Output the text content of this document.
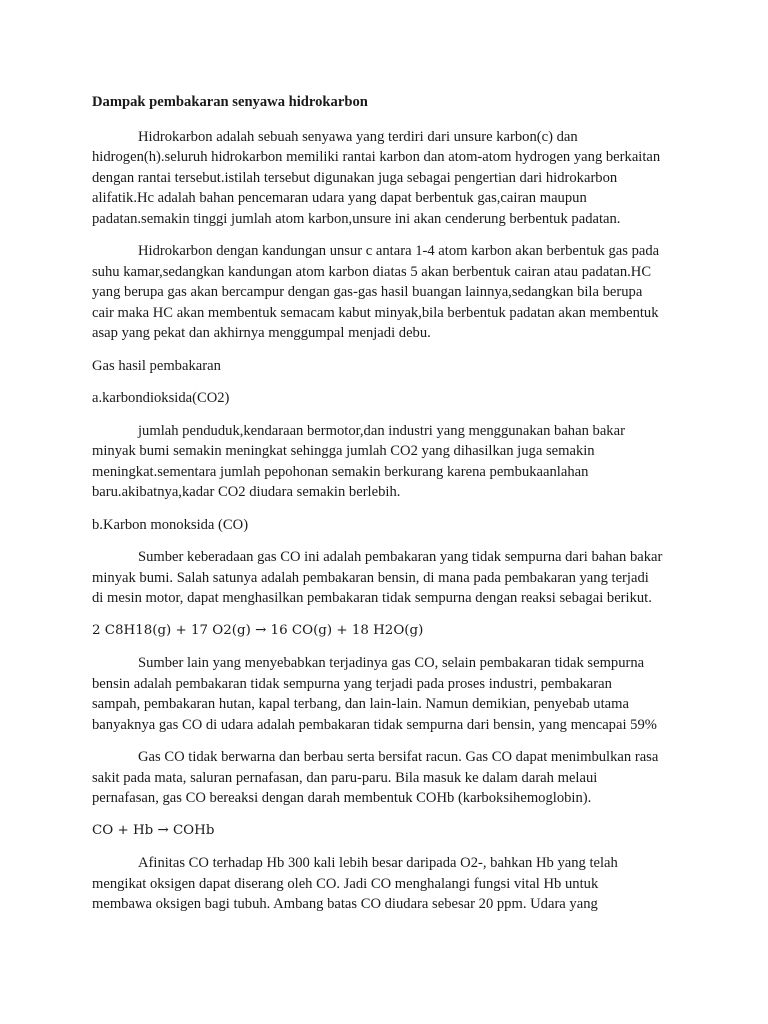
Dampak pembakaran senyawa hidrokarbon
Hidrokarbon adalah sebuah senyawa yang terdiri dari unsure karbon(c) dan
hidrogen(h).seluruh hidrokarbon memiliki rantai karbon dan atom-atom hydrogen yang berkaitan
dengan rantai tersebut.istilah tersebut digunakan juga sebagai pengertian dari hidrokarbon
alifatik.Hc adalah bahan pencemaran udara yang dapat berbentuk gas,cairan maupun
padatan.semakin tinggi jumlah atom karbon,unsure ini akan cenderung berbentuk padatan.
Hidrokarbon dengan kandungan unsur c antara 1-4 atom karbon akan berbentuk gas pada
suhu kamar,sedangkan kandungan atom karbon diatas 5 akan berbentuk cairan atau padatan.HC
yang berupa gas akan bercampur dengan gas-gas hasil buangan lainnya,sedangkan bila berupa
cair maka HC akan membentuk semacam kabut minyak,bila berbentuk padatan akan membentuk
asap yang pekat dan akhirnya menggumpal menjadi debu.
Gas hasil pembakaran
a.karbondioksida(CO2)
jumlah penduduk,kendaraan bermotor,dan industri yang menggunakan bahan bakar
minyak bumi semakin meningkat sehingga jumlah CO2 yang dihasilkan juga semakin
meningkat.sementara jumlah pepohonan semakin berkurang karena pembukaanlahan
baru.akibatnya,kadar CO2 diudara semakin berlebih.
b.Karbon monoksida (CO)
Sumber keberadaan gas CO ini adalah pembakaran yang tidak sempurna dari bahan bakar
minyak bumi. Salah satunya adalah pembakaran bensin, di mana pada pembakaran yang terjadi
di mesin motor, dapat menghasilkan pembakaran tidak sempurna dengan reaksi sebagai berikut.
2 C8H18(g) + 17 O2(g) → 16 CO(g) + 18 H2O(g)
Sumber lain yang menyebabkan terjadinya gas CO, selain pembakaran tidak sempurna
bensin adalah pembakaran tidak sempurna yang terjadi pada proses industri, pembakaran
sampah, pembakaran hutan, kapal terbang, dan lain-lain. Namun demikian, penyebab utama
banyaknya gas CO di udara adalah pembakaran tidak sempurna dari bensin, yang mencapai 59%
Gas CO tidak berwarna dan berbau serta bersifat racun. Gas CO dapat menimbulkan rasa
sakit pada mata, saluran pernafasan, dan paru-paru. Bila masuk ke dalam darah melaui
pernafasan, gas CO bereaksi dengan darah membentuk COHb (karboksihemoglobin).
CO + Hb → COHb
Afinitas CO terhadap Hb 300 kali lebih besar daripada O2-, bahkan Hb yang telah
mengikat oksigen dapat diserang oleh CO. Jadi CO menghalangi fungsi vital Hb untuk
membawa oksigen bagi tubuh. Ambang batas CO diudara sebesar 20 ppm. Udara yang
